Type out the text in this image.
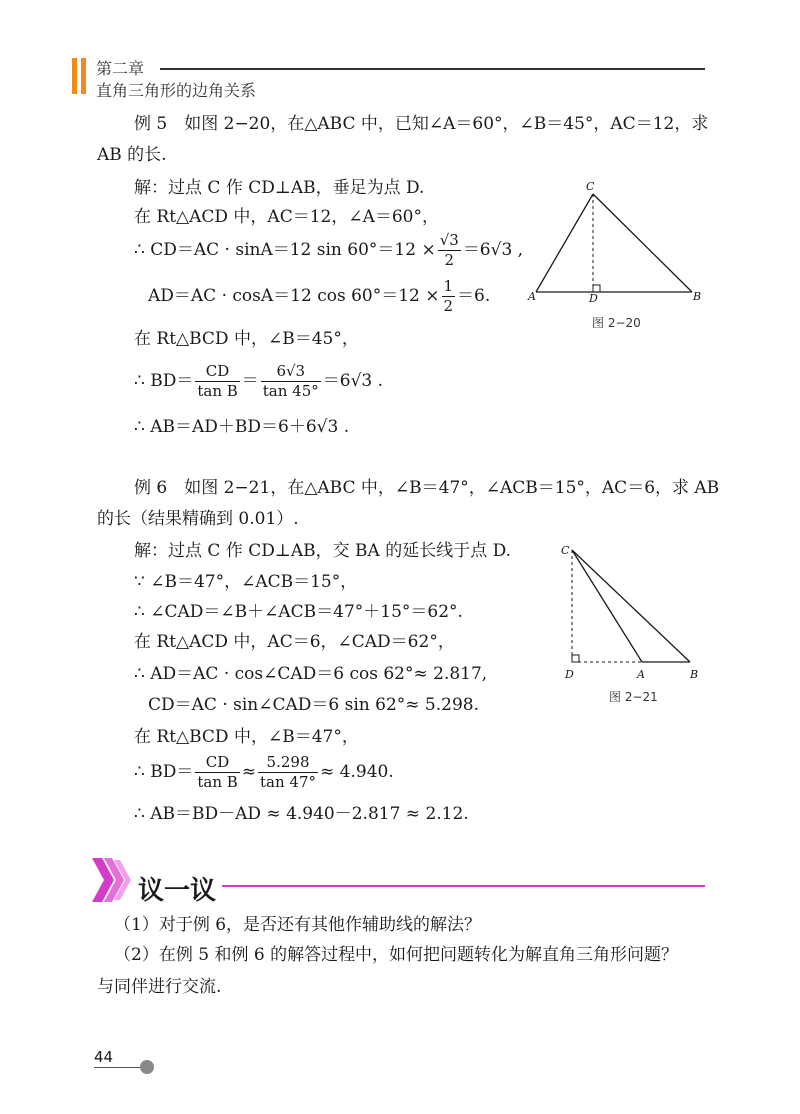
第二章
直角三角形的边角关系
例 5　如图 2−20，在△ABC 中，已知∠A＝60°，∠B＝45°，AC＝12，求
AB 的长.
解：过点 C 作 CD⊥AB，垂足为点 D.
在 Rt△ACD 中，AC＝12，∠A＝60°，
∴ CD＝AC · sinA＝12 $\sin 60^\circ=12 \times \frac{√3}{2} =6√3$ ,
AD＝AC · cosA＝12 $\cos 60^\circ=12 \times \frac{1}{2} =6$.
在 Rt△BCD 中，∠B＝45°，
∴ $BD= \frac{CD}{\text{tan B}} = \frac{6√3}{\tan 45^\circ} =6√3$ .
∴ AB＝AD＋BD＝6＋6√3 .
C
A	D	B
图 2−20
例 6　如图 2−21，在△ABC 中，∠B＝47°，∠ACB＝15°，AC＝6，求 AB
的长（结果精确到 0.01）.
解：过点 C 作 CD⊥AB，交 BA 的延长线于点 D.
∵ ∠B＝47°，∠ACB＝15°，
∴ ∠CAD＝∠B＋∠ACB＝47°＋15°＝62°.
在 Rt△ACD 中，AC＝6，∠CAD＝62°，
∴ AD＝AC · cos∠CAD＝6 cos 62°≈ 2.817,
CD＝AC · sin∠CAD＝6 sin 62°≈ 5.298.
在 Rt△BCD 中，∠B＝47°，
∴ $BD= \frac{CD}{\text{tan B}} \approx \frac{5.298}{\tan 47^\circ} \approx 4.940$.
∴ AB＝BD－AD ≈ 4.940－2.817 ≈ 2.12.
C
D	A	B
图 2−21
议一议
（1）对于例 6，是否还有其他作辅助线的解法？
（2）在例 5 和例 6 的解答过程中，如何把问题转化为解直角三角形问题？
与同伴进行交流.
44
